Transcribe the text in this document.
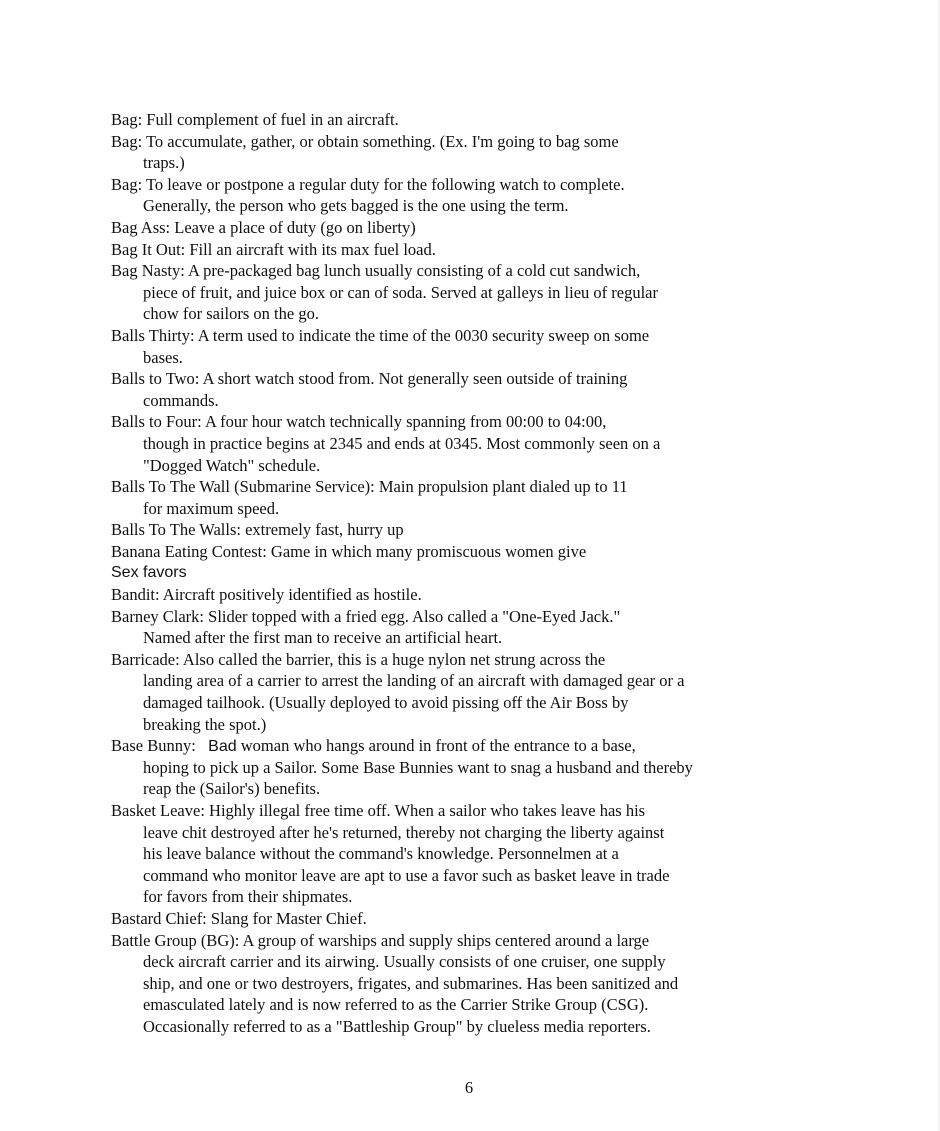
Bag: Full complement of fuel in an aircraft.
Bag: To accumulate, gather, or obtain something. (Ex. I'm going to bag some
traps.)
Bag: To leave or postpone a regular duty for the following watch to complete.
Generally, the person who gets bagged is the one using the term.
Bag Ass: Leave a place of duty (go on liberty)
Bag It Out: Fill an aircraft with its max fuel load.
Bag Nasty: A pre-packaged bag lunch usually consisting of a cold cut sandwich,
piece of fruit, and juice box or can of soda. Served at galleys in lieu of regular
chow for sailors on the go.
Balls Thirty: A term used to indicate the time of the 0030 security sweep on some
bases.
Balls to Two: A short watch stood from. Not generally seen outside of training
commands.
Balls to Four: A four hour watch technically spanning from 00:00 to 04:00,
though in practice begins at 2345 and ends at 0345. Most commonly seen on a
"Dogged Watch" schedule.
Balls To The Wall (Submarine Service): Main propulsion plant dialed up to 11
for maximum speed.
Balls To The Walls: extremely fast, hurry up
Banana Eating Contest: Game in which many promiscuous women give
Sex favors
Bandit: Aircraft positively identified as hostile.
Barney Clark: Slider topped with a fried egg. Also called a "One-Eyed Jack."
Named after the first man to receive an artificial heart.
Barricade: Also called the barrier, this is a huge nylon net strung across the
landing area of a carrier to arrest the landing of an aircraft with damaged gear or a
damaged tailhook. (Usually deployed to avoid pissing off the Air Boss by
breaking the spot.)
Base Bunny: Bad woman who hangs around in front of the entrance to a base,
hoping to pick up a Sailor. Some Base Bunnies want to snag a husband and thereby
reap the (Sailor's) benefits.
Basket Leave: Highly illegal free time off. When a sailor who takes leave has his
leave chit destroyed after he's returned, thereby not charging the liberty against
his leave balance without the command's knowledge. Personnelmen at a
command who monitor leave are apt to use a favor such as basket leave in trade
for favors from their shipmates.
Bastard Chief: Slang for Master Chief.
Battle Group (BG): A group of warships and supply ships centered around a large
deck aircraft carrier and its airwing. Usually consists of one cruiser, one supply
ship, and one or two destroyers, frigates, and submarines. Has been sanitized and
emasculated lately and is now referred to as the Carrier Strike Group (CSG).
Occasionally referred to as a "Battleship Group" by clueless media reporters.
6
